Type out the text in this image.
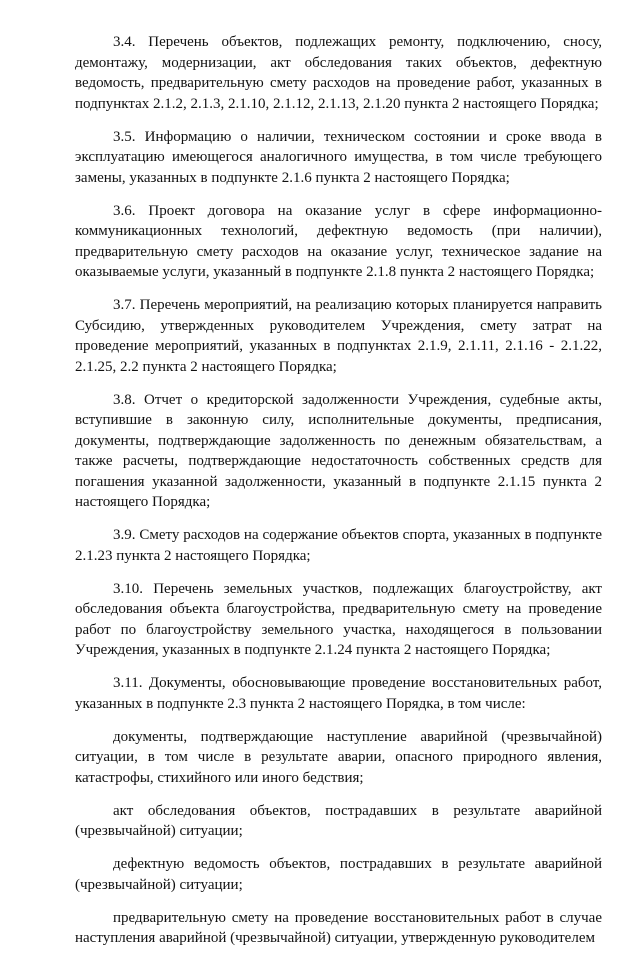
3.4. Перечень объектов, подлежащих ремонту, подключению, сносу, демонтажу, модернизации, акт обследования таких объектов, дефектную ведомость, предварительную смету расходов на проведение работ, указанных в подпунктах 2.1.2, 2.1.3, 2.1.10, 2.1.12, 2.1.13, 2.1.20 пункта 2 настоящего Порядка;

3.5. Информацию о наличии, техническом состоянии и сроке ввода в эксплуатацию имеющегося аналогичного имущества, в том числе требующего замены, указанных в подпункте 2.1.6 пункта 2 настоящего Порядка;

3.6. Проект договора на оказание услуг в сфере информационно-коммуникационных технологий, дефектную ведомость (при наличии), предварительную смету расходов на оказание услуг, техническое задание на оказываемые услуги, указанный в подпункте 2.1.8 пункта 2 настоящего Порядка;

3.7. Перечень мероприятий, на реализацию которых планируется направить Субсидию, утвержденных руководителем Учреждения, смету затрат на проведение мероприятий, указанных в подпунктах 2.1.9, 2.1.11, 2.1.16 - 2.1.22, 2.1.25, 2.2 пункта 2 настоящего Порядка;

3.8. Отчет о кредиторской задолженности Учреждения, судебные акты, вступившие в законную силу, исполнительные документы, предписания, документы, подтверждающие задолженность по денежным обязательствам, а также расчеты, подтверждающие недостаточность собственных средств для погашения указанной задолженности, указанный в подпункте 2.1.15 пункта 2 настоящего Порядка;

3.9. Смету расходов на содержание объектов спорта, указанных в подпункте 2.1.23 пункта 2 настоящего Порядка;

3.10. Перечень земельных участков, подлежащих благоустройству, акт обследования объекта благоустройства, предварительную смету на проведение работ по благоустройству земельного участка, находящегося в пользовании Учреждения, указанных в подпункте 2.1.24 пункта 2 настоящего Порядка;

3.11. Документы, обосновывающие проведение восстановительных работ, указанных в подпункте 2.3 пункта 2 настоящего Порядка, в том числе:

документы, подтверждающие наступление аварийной (чрезвычайной) ситуации, в том числе в результате аварии, опасного природного явления, катастрофы, стихийного или иного бедствия;

акт обследования объектов, пострадавших в результате аварийной (чрезвычайной) ситуации;

дефектную ведомость объектов, пострадавших в результате аварийной (чрезвычайной) ситуации;

предварительную смету на проведение восстановительных работ в случае наступления аварийной (чрезвычайной) ситуации, утвержденную руководителем
